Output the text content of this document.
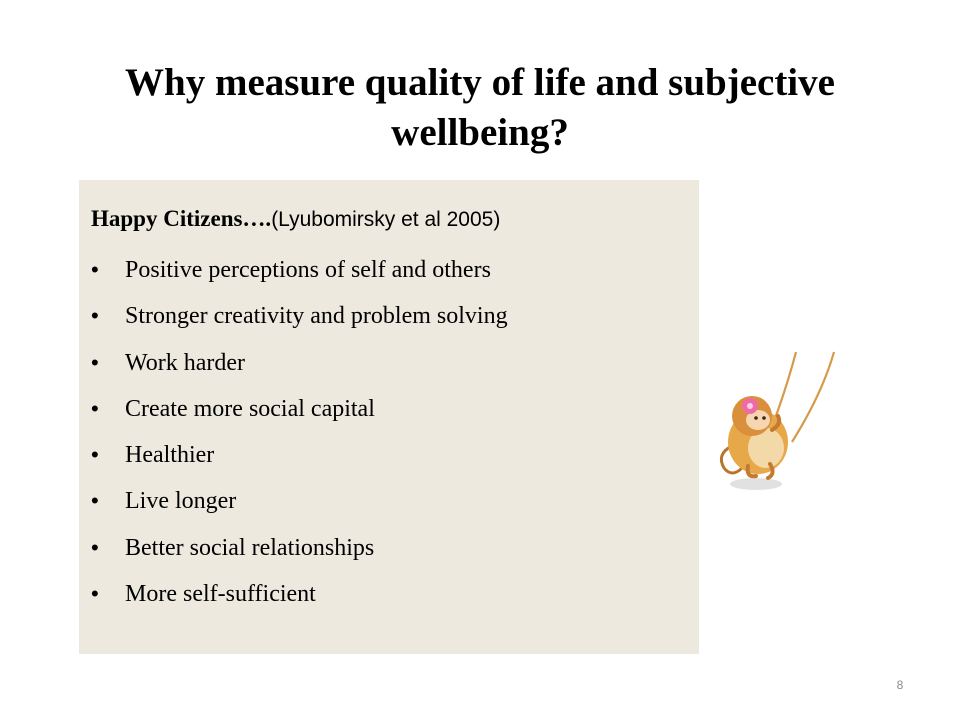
Why measure quality of life and subjective wellbeing?
Happy Citizens….(Lyubomirsky et al 2005)
• Positive perceptions of self and others
• Stronger creativity and problem solving
• Work harder
• Create more social capital
• Healthier
• Live longer
• Better social relationships
• More self-sufficient
8
